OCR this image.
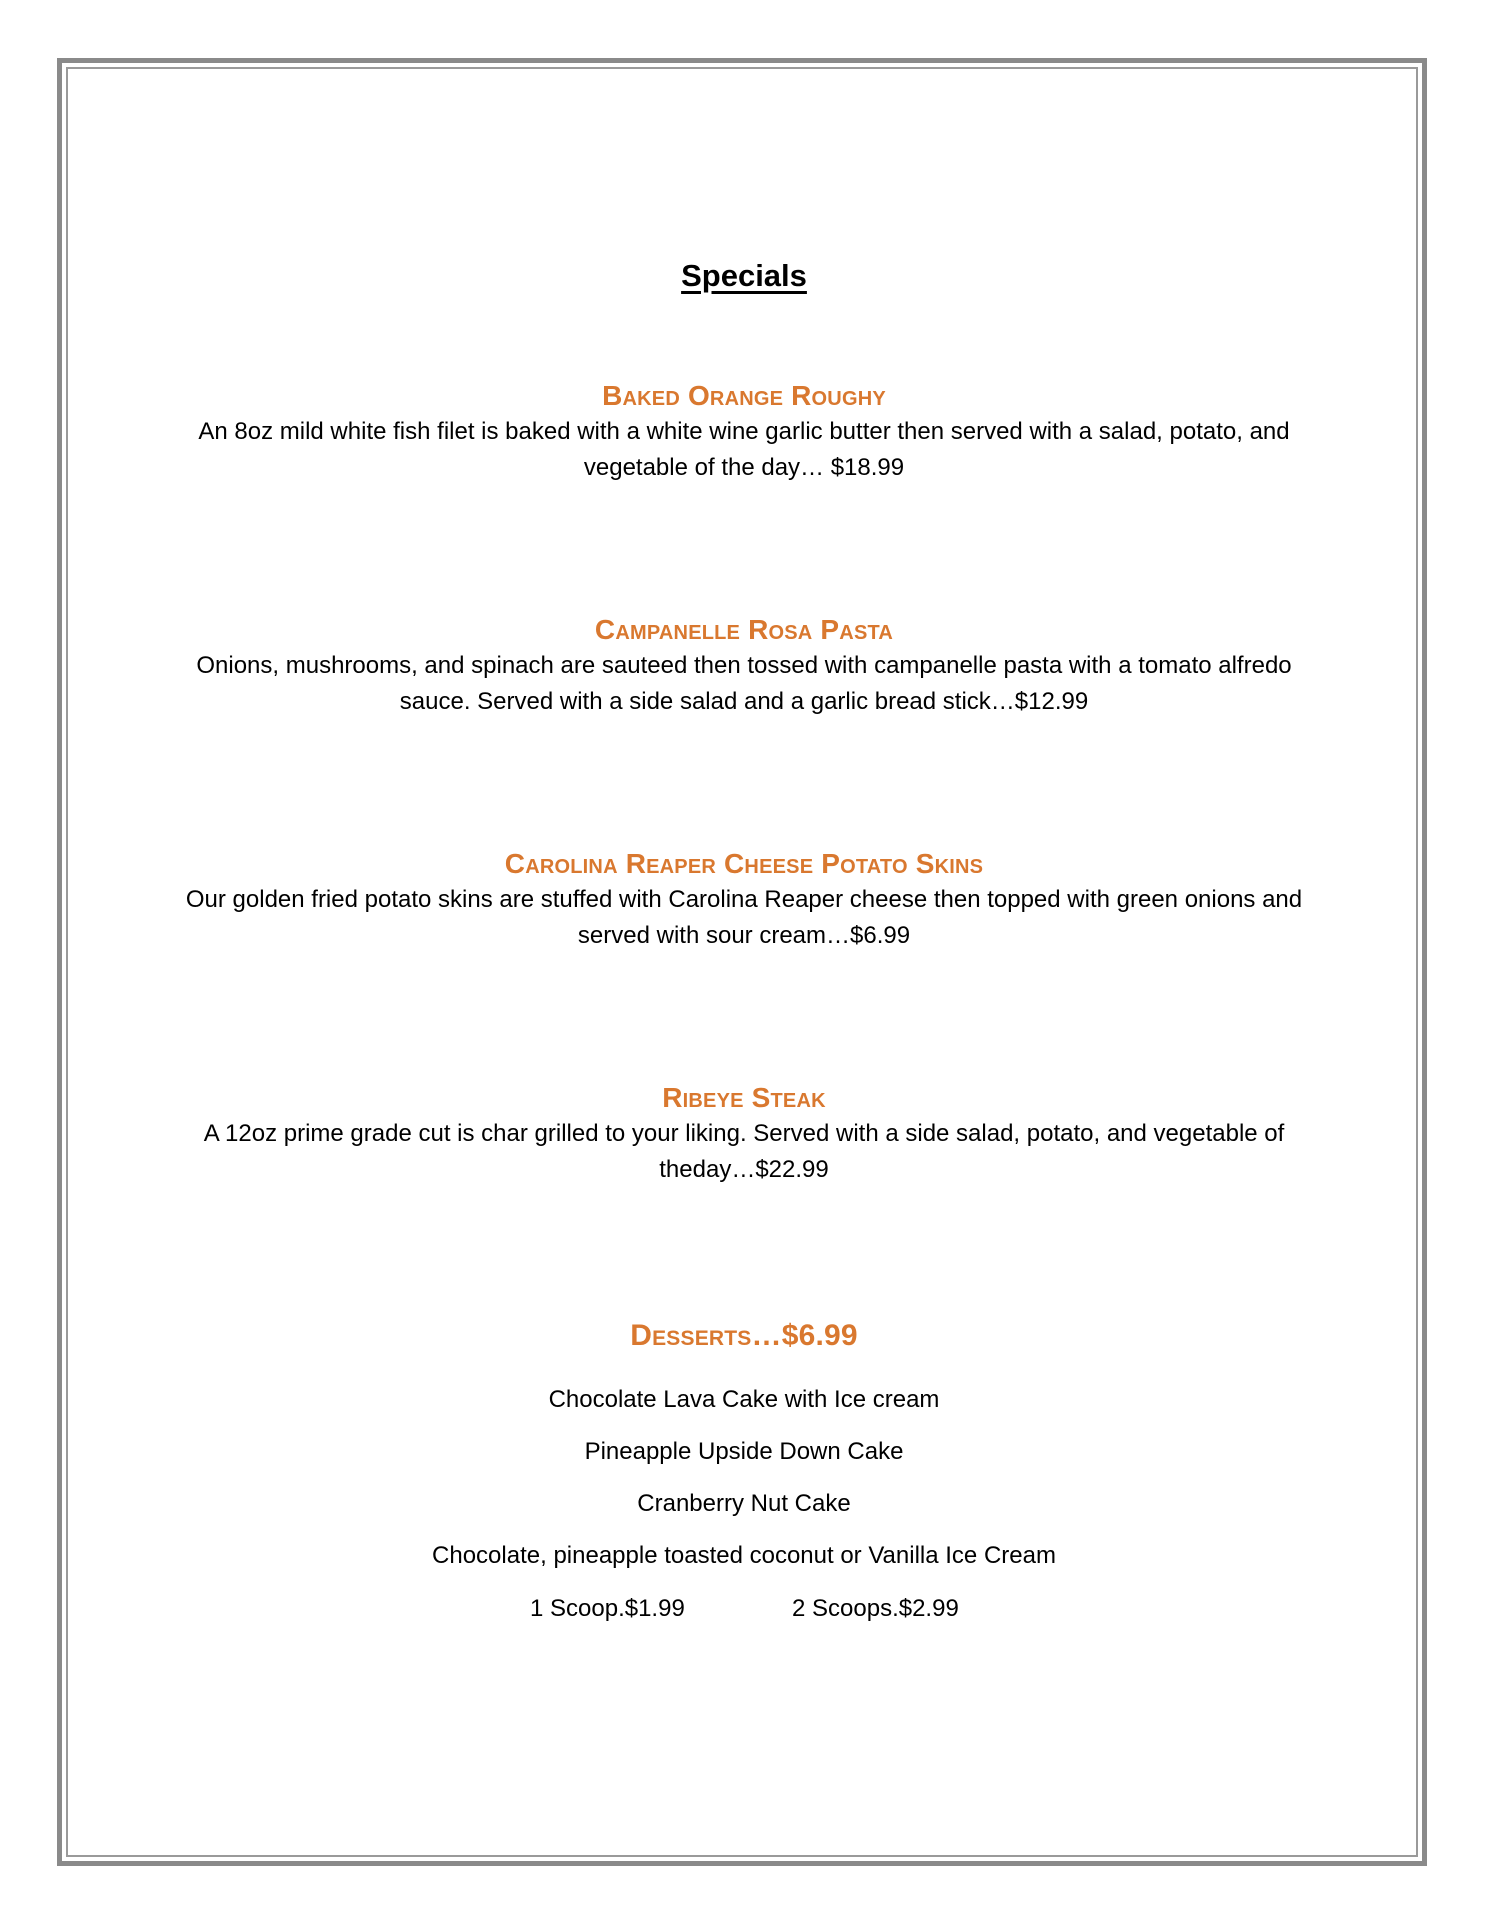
Specials
Baked Orange Roughy
An 8oz mild white fish filet is baked with a white wine garlic butter then served with a salad, potato, and vegetable of the day… $18.99
Campanelle Rosa Pasta
Onions, mushrooms, and spinach are sauteed then tossed with campanelle pasta with a tomato alfredo sauce. Served with a side salad and a garlic bread stick…$12.99
Carolina Reaper Cheese Potato Skins
Our golden fried potato skins are stuffed with Carolina Reaper cheese then topped with green onions and served with sour cream…$6.99
Ribeye Steak
A 12oz prime grade cut is char grilled to your liking. Served with a side salad, potato, and vegetable of theday…$22.99
Desserts…$6.99
Chocolate Lava Cake with Ice cream
Pineapple Upside Down Cake
Cranberry Nut Cake
Chocolate, pineapple toasted coconut or Vanilla Ice Cream
1 Scoop.$1.99	2 Scoops.$2.99
